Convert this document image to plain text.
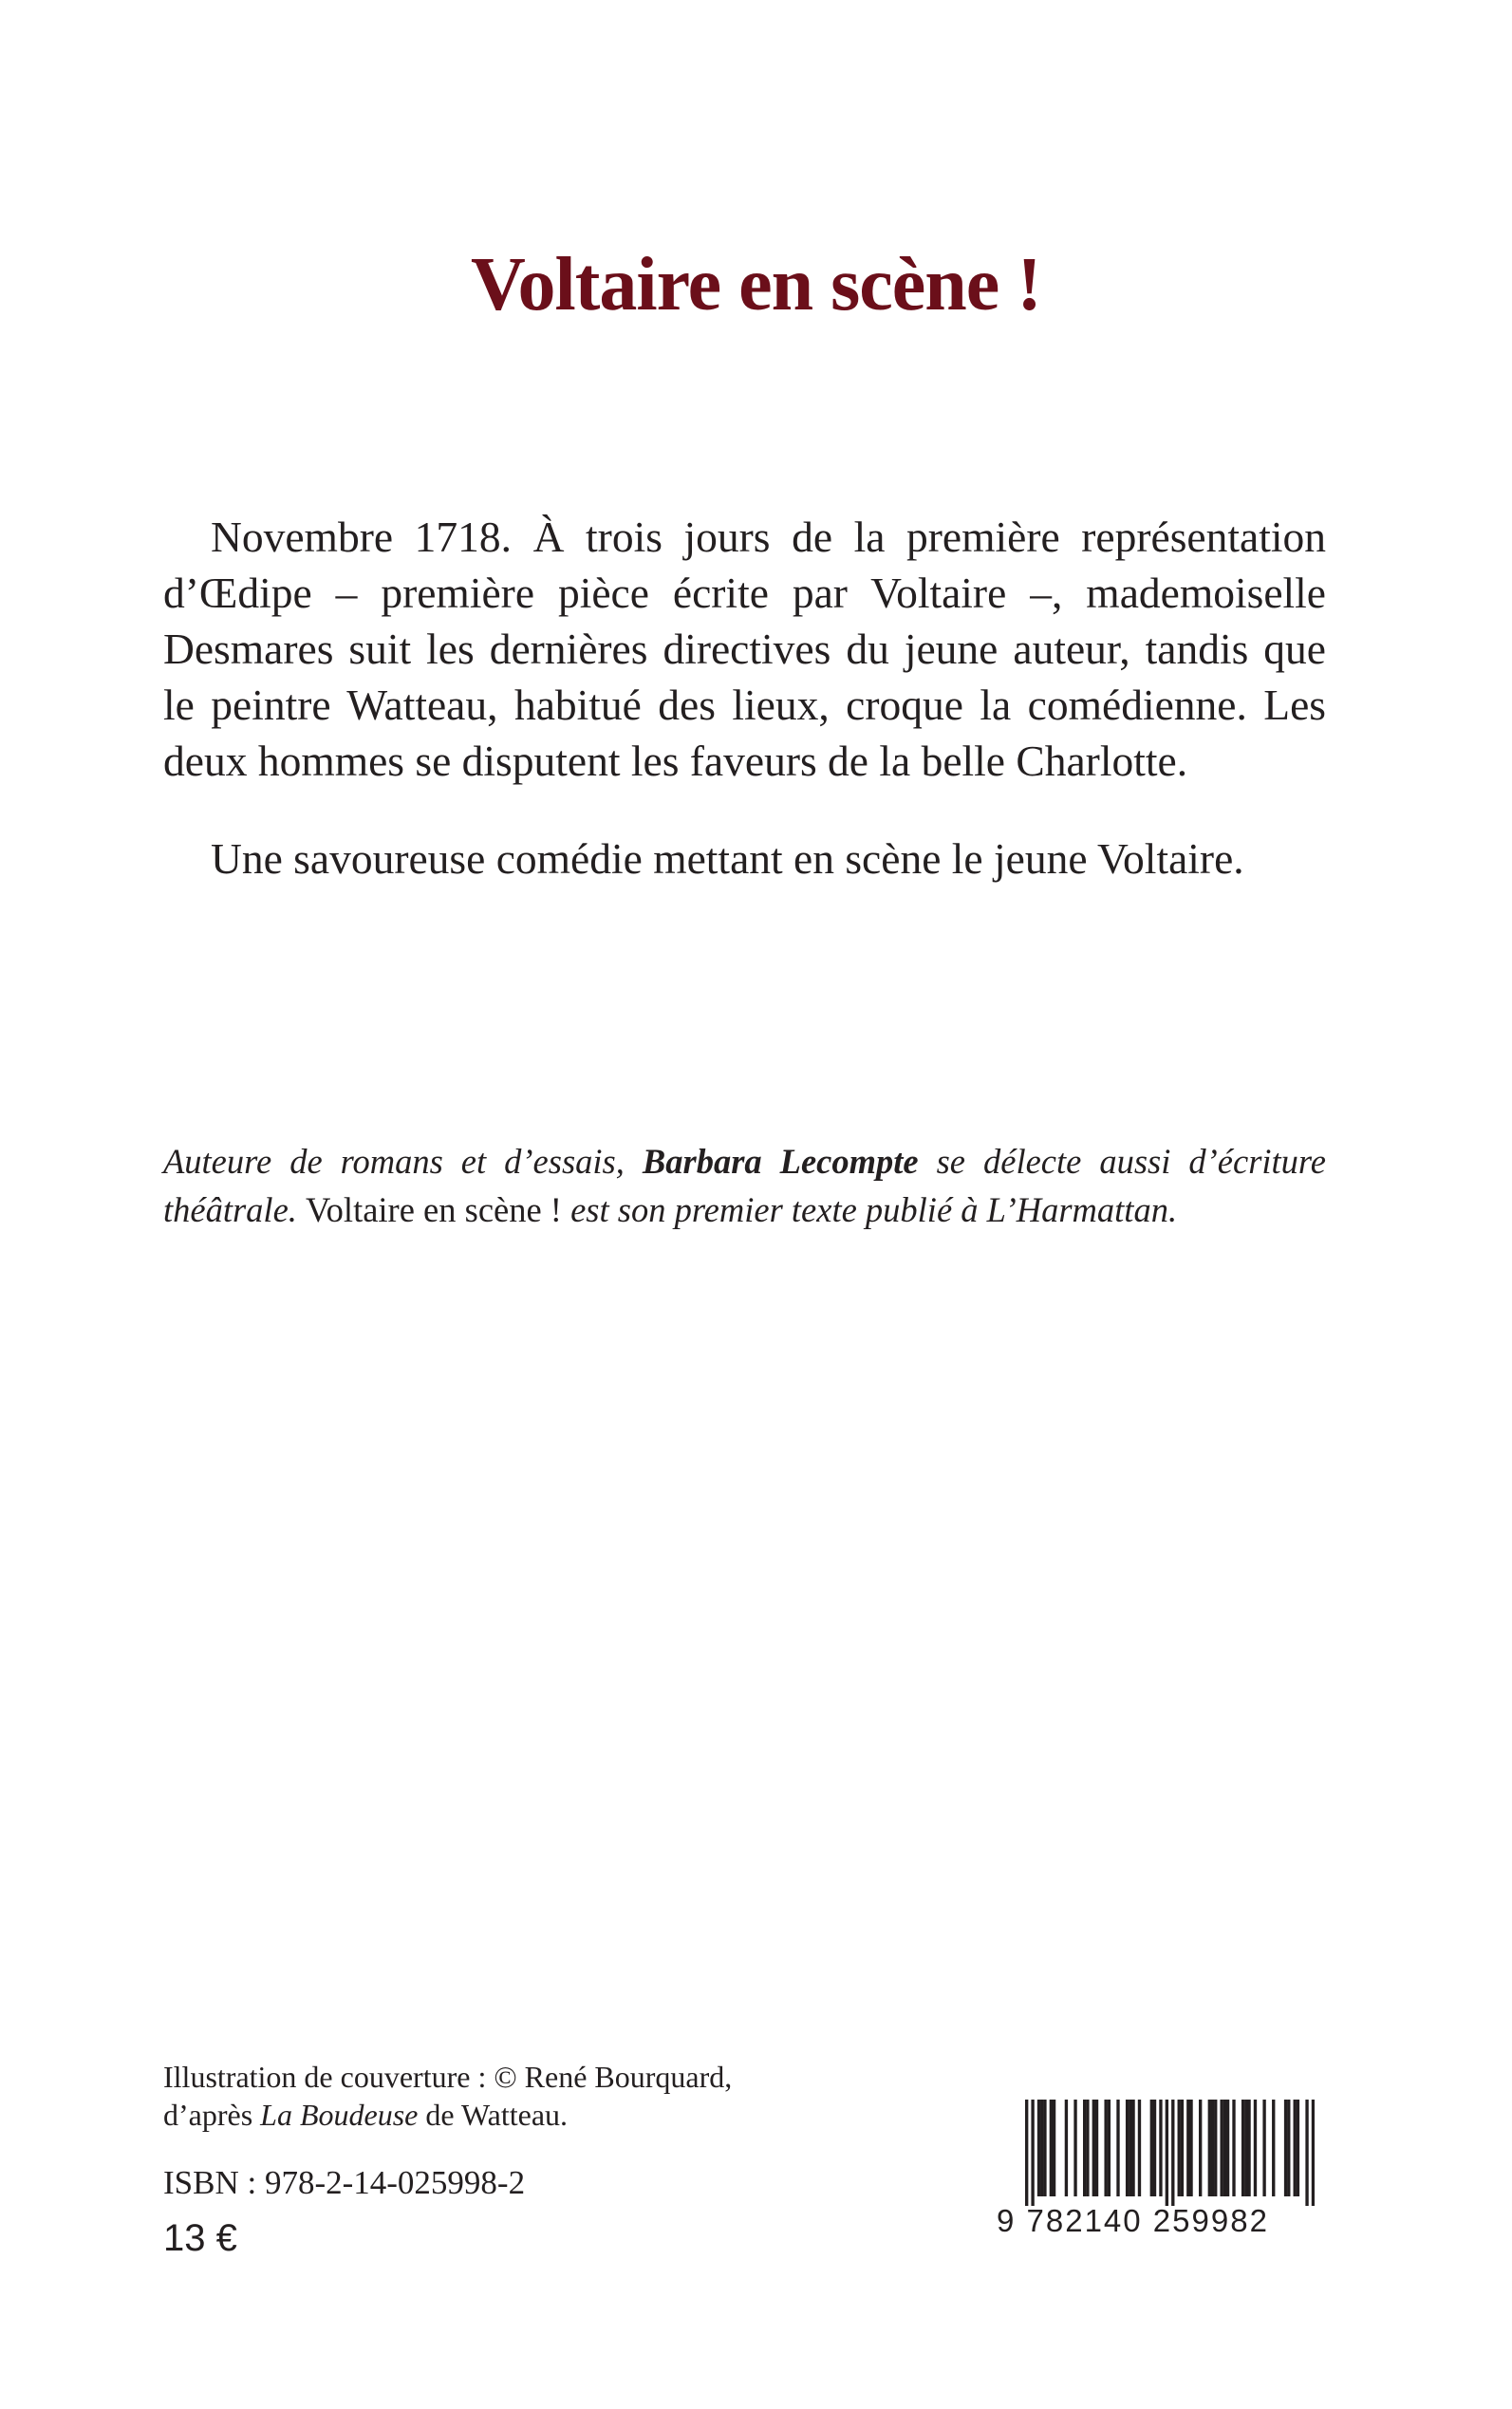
Voltaire en scène !

Novembre 1718. À trois jours de la première représentation d’Œdipe – première pièce écrite par Voltaire –, mademoiselle Desmares suit les dernières directives du jeune auteur, tandis que le peintre Watteau, habitué des lieux, croque la comédienne. Les deux hommes se disputent les faveurs de la belle Charlotte.

Une savoureuse comédie mettant en scène le jeune Voltaire.

Auteure de romans et d’essais, Barbara Lecompte se délecte aussi d’écriture théâtrale. Voltaire en scène ! est son premier texte publié à L’Harmattan.

Illustration de couverture : © René Bourquard,
d’après La Boudeuse de Watteau.
ISBN : 978-2-14-025998-2
13 €	9 782140 259982
